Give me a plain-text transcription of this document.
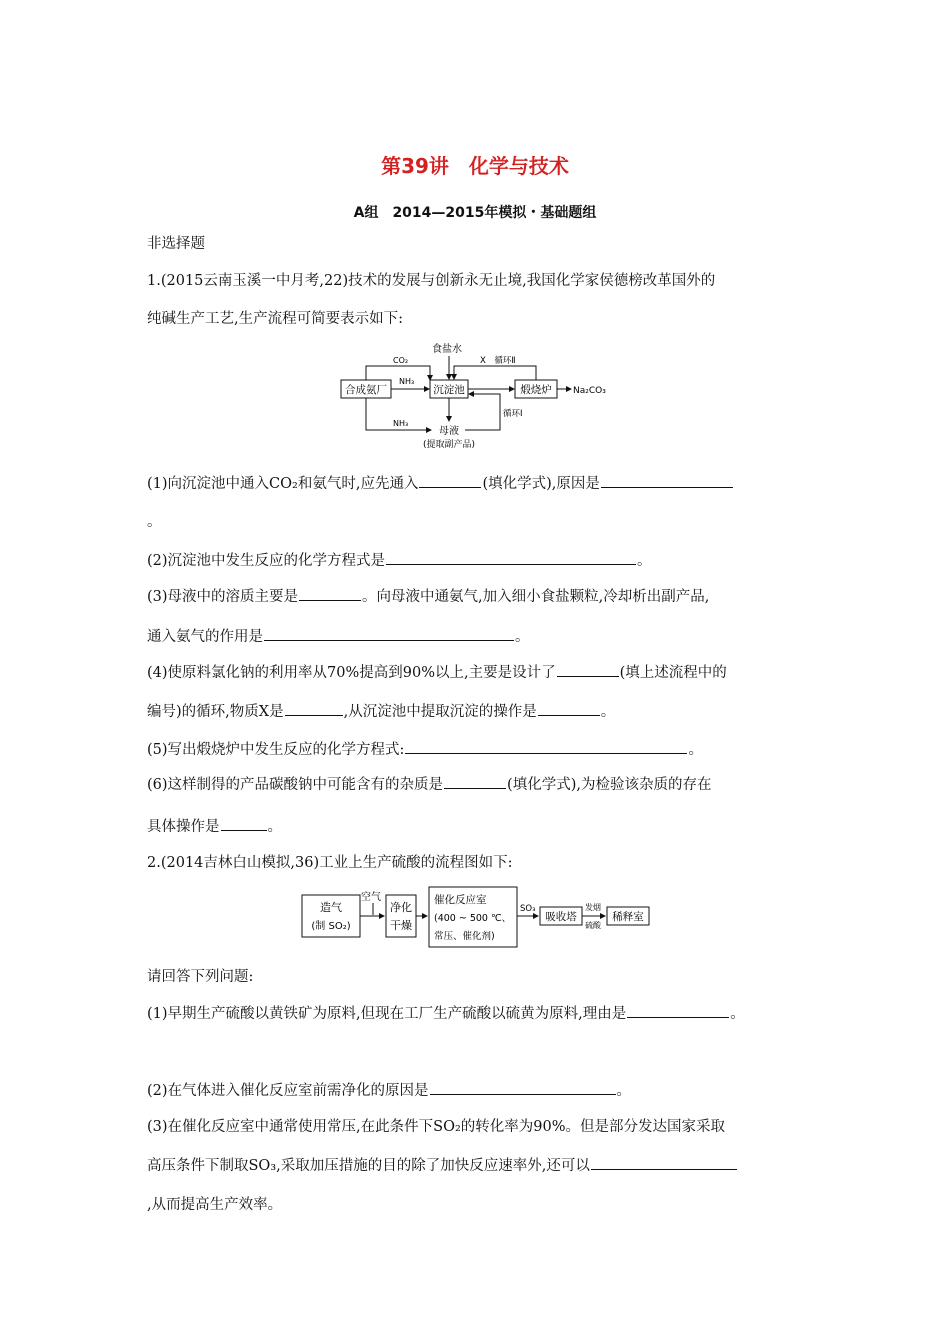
第39讲　化学与技术
A组　2014—2015年模拟・基础题组
非选择题
1.(2015云南玉溪一中月考,22)技术的发展与创新永无止境,我国化学家侯德榜改革国外的
纯碱生产工艺,生产流程可简要表示如下:
合成氨厂	沉淀池	煅烧炉
CO₂
NH₃
食盐水
X　循环Ⅱ
Na₂CO₃
循环Ⅰ
NH₃
母液
(提取副产品)
(1)向沉淀池中通入CO₂和氨气时,应先通入	(填化学式),原因是
。
(2)沉淀池中发生反应的化学方程式是	。
(3)母液中的溶质主要是	。向母液中通氨气,加入细小食盐颗粒,冷却析出副产品,
通入氨气的作用是	。
(4)使原料氯化钠的利用率从70%提高到90%以上,主要是设计了	(填上述流程中的
编号)的循环,物质X是	,从沉淀池中提取沉淀的操作是	。
(5)写出煅烧炉中发生反应的化学方程式:	。
(6)这样制得的产品碳酸钠中可能含有的杂质是	(填化学式),为检验该杂质的存在
具体操作是	。
2.(2014吉林白山模拟,36)工业上生产硫酸的流程图如下:
造气
(制 SO₂)
空气
净化
干燥
催化反应室
(400 ~ 500 ℃、
常压、催化剂)
SO₃
吸收塔
发烟
硫酸
稀释室
请回答下列问题:
(1)早期生产硫酸以黄铁矿为原料,但现在工厂生产硫酸以硫黄为原料,理由是	。
(2)在气体进入催化反应室前需净化的原因是	。
(3)在催化反应室中通常使用常压,在此条件下SO₂的转化率为90%。但是部分发达国家采取
高压条件下制取SO₃,采取加压措施的目的除了加快反应速率外,还可以
,从而提高生产效率。
